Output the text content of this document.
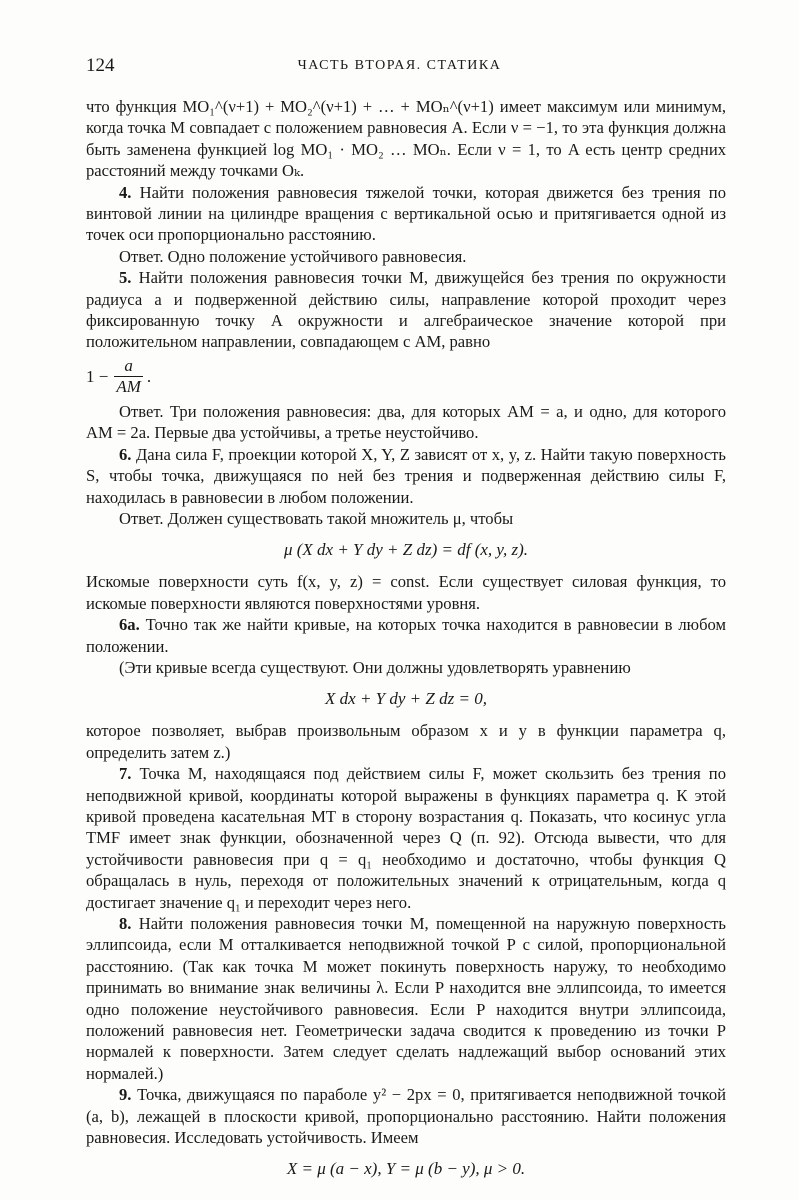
124	ЧАСТЬ ВТОРАЯ. СТАТИКА

что функция MO₁^(ν+1) + MO₂^(ν+1) + … + MOₙ^(ν+1) имеет максимум или минимум, когда точка M совпадает с положением равновесия A. Если ν = −1, то эта функция должна быть заменена функцией log MO₁ · MO₂ … MOₙ. Если ν = 1, то A есть центр средних расстояний между точками Oₖ.

4. Найти положения равновесия тяжелой точки, которая движется без трения по винтовой линии на цилиндре вращения с вертикальной осью и притягивается одной из точек оси пропорционально расстоянию.

Ответ. Одно положение устойчивого равновесия.

5. Найти положения равновесия точки M, движущейся без трения по окружности радиуса a и подверженной действию силы, направление которой проходит через фиксированную точку A окружности и алгебраическое значение которой при положительном направлении, совпадающем с AM, равно

$1 - \frac{a}{AM}$ .

Ответ. Три положения равновесия: два, для которых AM = a, и одно, для которого AM = 2a. Первые два устойчивы, а третье неустойчиво.

6. Дана сила F, проекции которой X, Y, Z зависят от x, y, z. Найти такую поверхность S, чтобы точка, движущаяся по ней без трения и подверженная действию силы F, находилась в равновесии в любом положении.

Ответ. Должен существовать такой множитель μ, чтобы

μ (X dx + Y dy + Z dz) = df (x, y, z).

Искомые поверхности суть f(x, y, z) = const. Если существует силовая функция, то искомые поверхности являются поверхностями уровня.

6а. Точно так же найти кривые, на которых точка находится в равновесии в любом положении.

(Эти кривые всегда существуют. Они должны удовлетворять уравнению

X dx + Y dy + Z dz = 0,

которое позволяет, выбрав произвольным образом x и y в функции параметра q, определить затем z.)

7. Точка M, находящаяся под действием силы F, может скользить без трения по неподвижной кривой, координаты которой выражены в функциях параметра q. К этой кривой проведена касательная MT в сторону возрастания q. Показать, что косинус угла TMF имеет знак функции, обозначенной через Q (п. 92). Отсюда вывести, что для устойчивости равновесия при q = q₁ необходимо и достаточно, чтобы функция Q обращалась в нуль, переходя от положительных значений к отрицательным, когда q достигает значение q₁ и переходит через него.

8. Найти положения равновесия точки M, помещенной на наружную поверхность эллипсоида, если M отталкивается неподвижной точкой P с силой, пропорциональной расстоянию. (Так как точка M может покинуть поверхность наружу, то необходимо принимать во внимание знак величины λ. Если P находится вне эллипсоида, то имеется одно положение неустойчивого равновесия. Если P находится внутри эллипсоида, положений равновесия нет. Геометрически задача сводится к проведению из точки P нормалей к поверхности. Затем следует сделать надлежащий выбор оснований этих нормалей.)

9. Точка, движущаяся по параболе y² − 2px = 0, притягивается неподвижной точкой (a, b), лежащей в плоскости кривой, пропорционально расстоянию. Найти положения равновесия. Исследовать устойчивость. Имеем

X = μ (a − x), Y = μ (b − y), μ > 0.
